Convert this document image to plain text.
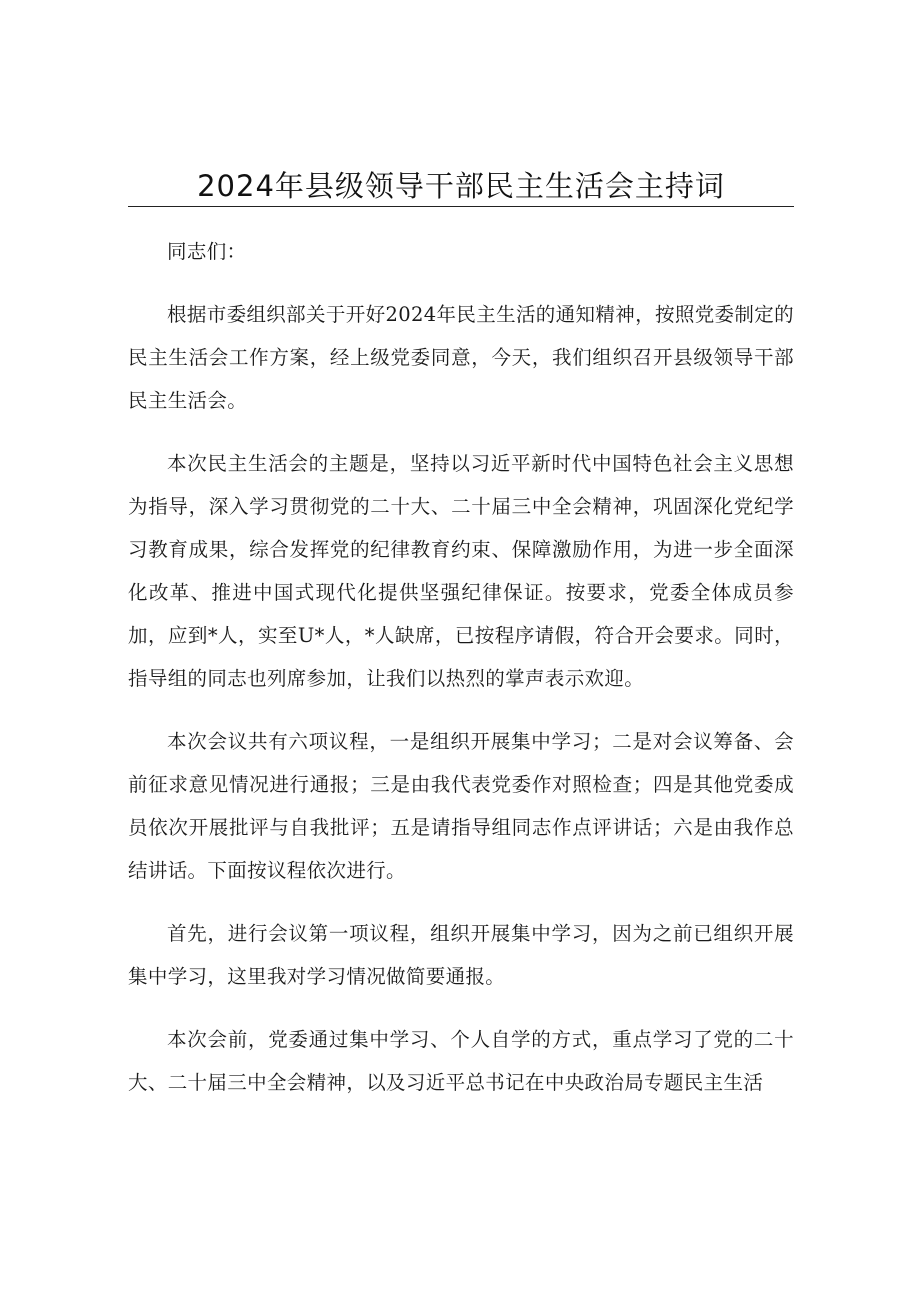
2024年县级领导干部民主生活会主持词

同志们：

根据市委组织部关于开好2024年民主生活的通知精神，按照党委制定的民主生活会工作方案，经上级党委同意，今天，我们组织召开县级领导干部民主生活会。

本次民主生活会的主题是，坚持以习近平新时代中国特色社会主义思想为指导，深入学习贯彻党的二十大、二十届三中全会精神，巩固深化党纪学习教育成果，综合发挥党的纪律教育约束、保障激励作用，为进一步全面深化改革、推进中国式现代化提供坚强纪律保证。按要求，党委全体成员参加，应到*人，实至U*人，*人缺席，已按程序请假，符合开会要求。同时，指导组的同志也列席参加，让我们以热烈的掌声表示欢迎。

本次会议共有六项议程，一是组织开展集中学习；二是对会议筹备、会前征求意见情况进行通报；三是由我代表党委作对照检查；四是其他党委成员依次开展批评与自我批评；五是请指导组同志作点评讲话；六是由我作总结讲话。下面按议程依次进行。

首先，进行会议第一项议程，组织开展集中学习，因为之前已组织开展集中学习，这里我对学习情况做简要通报。

本次会前，党委通过集中学习、个人自学的方式，重点学习了党的二十大、二十届三中全会精神，以及习近平总书记在中央政治局专题民主生活
